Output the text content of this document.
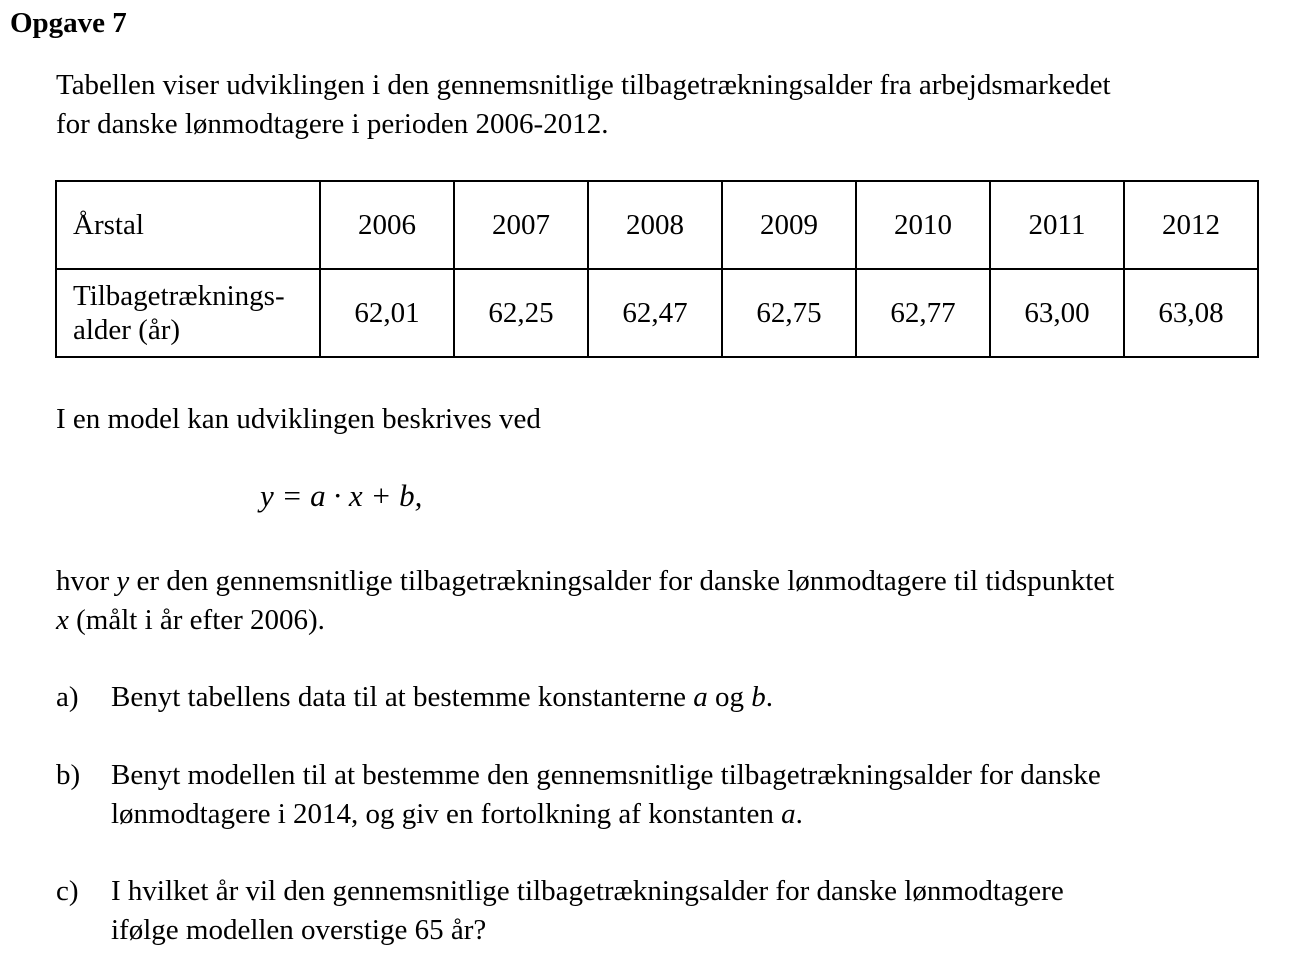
Opgave 7
Tabellen viser udviklingen i den gennemsnitlige tilbagetrækningsalder fra arbejdsmarkedet
for danske lønmodtagere i perioden 2006-2012.
Årstal	2006	2007	2008	2009	2010	2011	2012

Tilbagetræknings-
alder (år)	62,01	62,25	62,47	62,75	62,77	63,00	63,08
I en model kan udviklingen beskrives ved
y = a · x + b,
hvor y er den gennemsnitlige tilbagetrækningsalder for danske lønmodtagere til tidspunktet
x (målt i år efter 2006).
a) Benyt tabellens data til at bestemme konstanterne a og b.
b) Benyt modellen til at bestemme den gennemsnitlige tilbagetrækningsalder for danske
lønmodtagere i 2014, og giv en fortolkning af konstanten a.
c) I hvilket år vil den gennemsnitlige tilbagetrækningsalder for danske lønmodtagere
ifølge modellen overstige 65 år?
